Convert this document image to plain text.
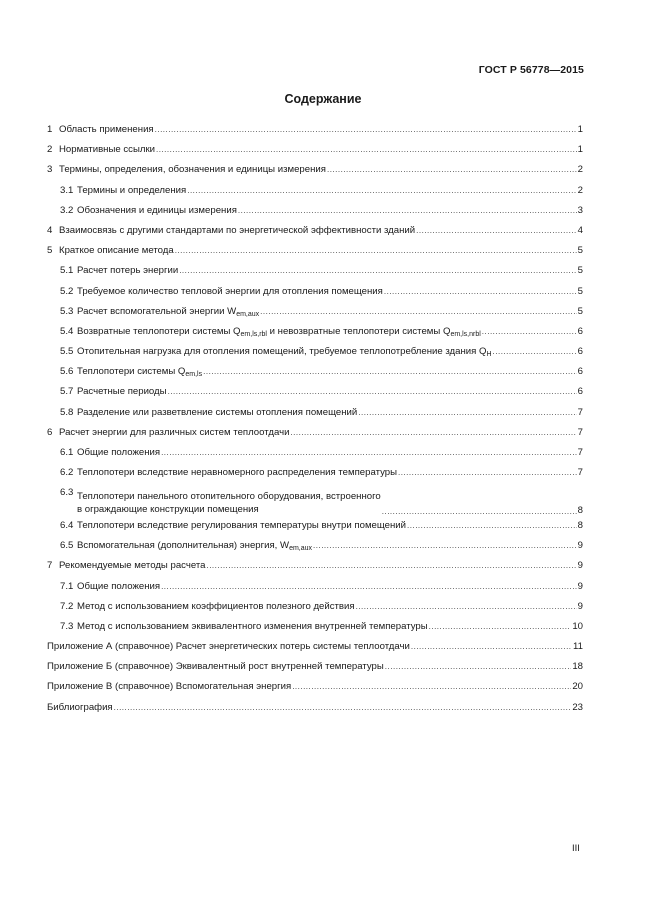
ГОСТ Р 56778—2015
Содержание
1 Область применения .....	1
2 Нормативные ссылки .....	1
3 Термины, определения, обозначения и единицы измерения .....	2
3.1 Термины и определения .....	2
3.2 Обозначения и единицы измерения .....	3
4 Взаимосвязь с другими стандартами по энергетической эффективности зданий .....	4
5 Краткое описание метода .....	5
5.1 Расчет потерь энергии .....	5
5.2 Требуемое количество тепловой энергии для отопления помещения .....	5
5.3 Расчет вспомогательной энергии $W_{em,aux}$ .....	5
5.4 Возвратные теплопотери системы $Q_{em,ls,rbl}$ и невозвратные теплопотери системы $Q_{em,ls,nrbl}$ .....	6
5.5 Отопительная нагрузка для отопления помещений, требуемое теплопотребление здания $Q_H$ .....	6
5.6 Теплопотери системы $Q_{em,ls}$ .....	6
5.7 Расчетные периоды .....	6
5.8 Разделение или разветвление системы отопления помещений .....	7
6 Расчет энергии для различных систем теплоотдачи .....	7
6.1 Общие положения .....	7
6.2 Теплопотери вследствие неравномерного распределения температуры .....	7
6.3 Теплопотери панельного отопительного оборудования, встроенного
в ограждающие конструкции помещения .....	8
6.4 Теплопотери вследствие регулирования температуры внутри помещений .....	8
6.5 Вспомогательная (дополнительная) энергия, $W_{em,aux}$ .....	9
7 Рекомендуемые методы расчета .....	9
7.1 Общие положения .....	9
7.2 Метод с использованием коэффициентов полезного действия .....	9
7.3 Метод с использованием эквивалентного изменения внутренней температуры .....	10
Приложение А (справочное) Расчет энергетических потерь системы теплоотдачи .....	11
Приложение Б (справочное) Эквивалентный рост внутренней температуры .....	18
Приложение В (справочное) Вспомогательная энергия .....	20
Библиография .....	23
III
